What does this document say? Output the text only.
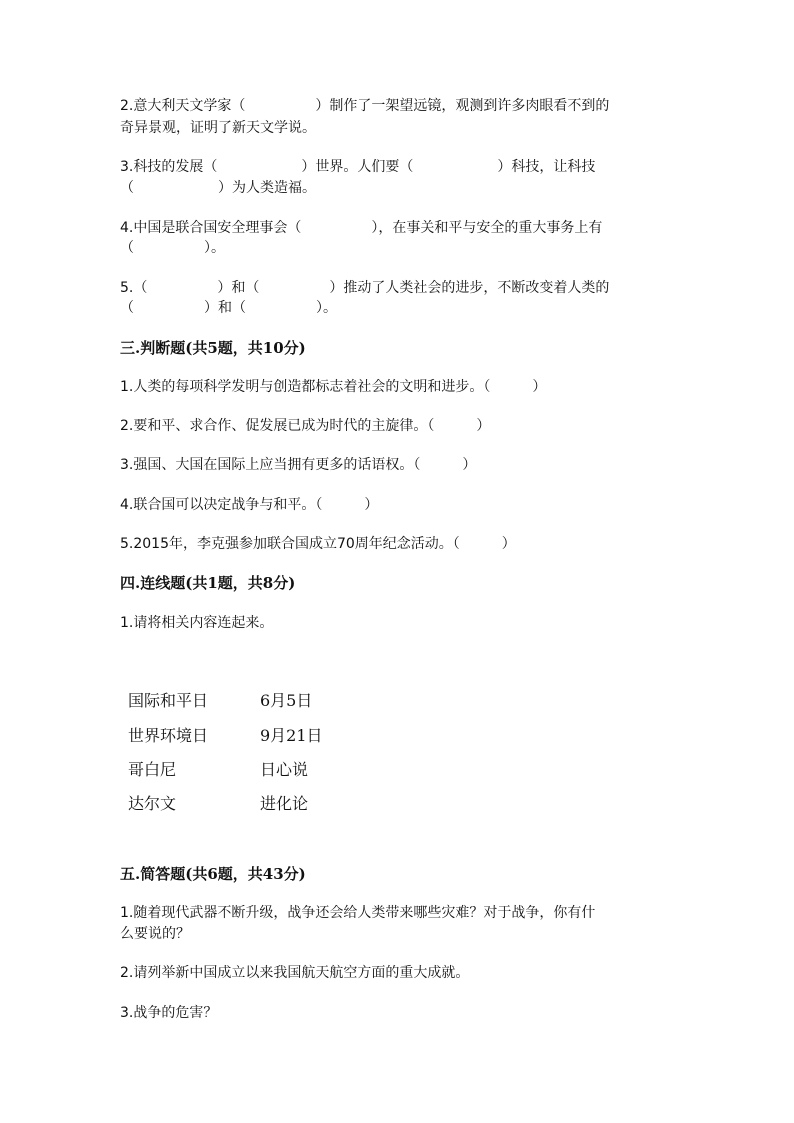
2.意大利天文学家（　　　　　）制作了一架望远镜，观测到许多肉眼看不到的
奇异景观，证明了新天文学说。
3.科技的发展（　　　　　　）世界。人们要（　　　　　　）科技，让科技
（　　　　　　）为人类造福。
4.中国是联合国安全理事会（　　　　　），在事关和平与安全的重大事务上有
（　　　　　）。
5.（　　　　　）和（　　　　　）推动了人类社会的进步，不断改变着人类的
（　　　　　）和（　　　　　）。
三.判断题(共5题，共10分)
1.人类的每项科学发明与创造都标志着社会的文明和进步。（　　　）
2.要和平、求合作、促发展已成为时代的主旋律。（　　　）
3.强国、大国在国际上应当拥有更多的话语权。（　　　）
4.联合国可以决定战争与和平。（　　　）
5.2015年，李克强参加联合国成立70周年纪念活动。（　　　）
四.连线题(共1题，共8分)
1.请将相关内容连起来。
国际和平日	6月5日
世界环境日	9月21日
哥白尼	日心说
达尔文	进化论
五.简答题(共6题，共43分)
1.随着现代武器不断升级，战争还会给人类带来哪些灾难？对于战争，你有什
么要说的？
2.请列举新中国成立以来我国航天航空方面的重大成就。
3.战争的危害？
